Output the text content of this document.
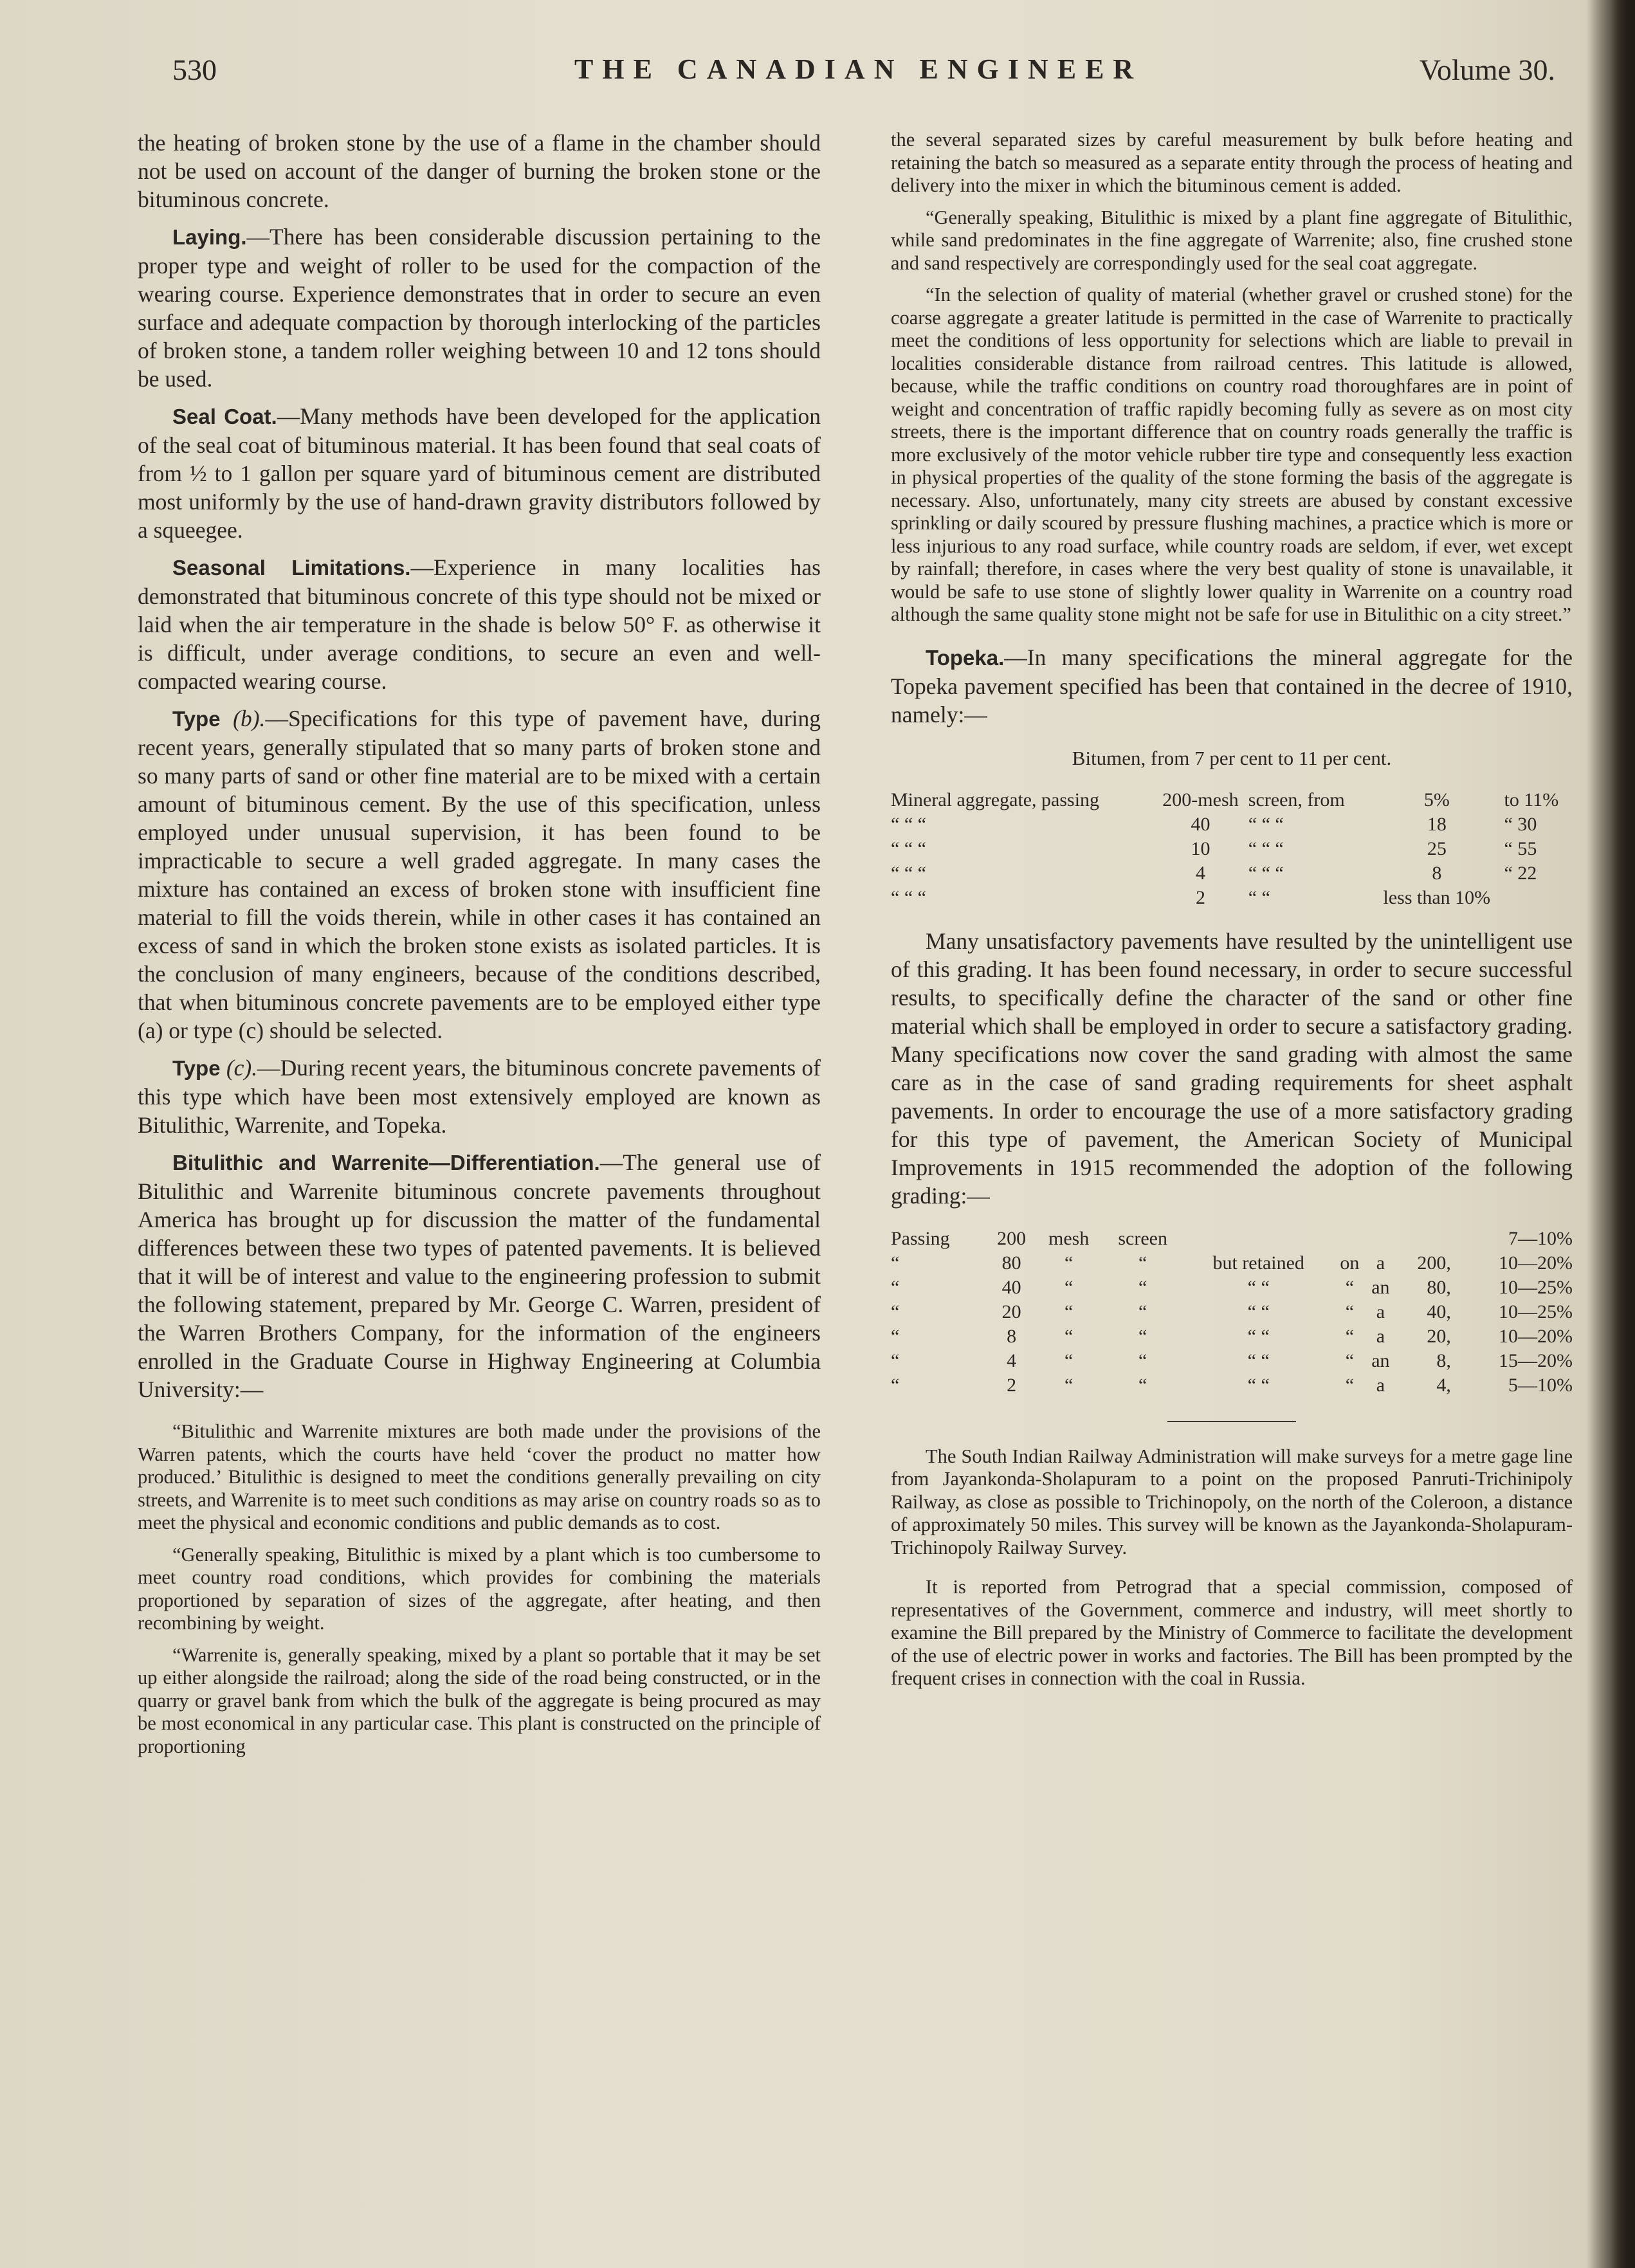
530	THE CANADIAN ENGINEER	Volume 30.

the heating of broken stone by the use of a flame in the chamber should not be used on account of the danger of burning the broken stone or the bituminous concrete.

Laying.—There has been considerable discussion pertaining to the proper type and weight of roller to be used for the compaction of the wearing course. Experience demonstrates that in order to secure an even surface and adequate compaction by thorough interlocking of the particles of broken stone, a tandem roller weighing between 10 and 12 tons should be used.

Seal Coat.—Many methods have been developed for the application of the seal coat of bituminous material. It has been found that seal coats of from ½ to 1 gallon per square yard of bituminous cement are distributed most uniformly by the use of hand-drawn gravity distributors followed by a squeegee.

Seasonal Limitations.—Experience in many localities has demonstrated that bituminous concrete of this type should not be mixed or laid when the air temperature in the shade is below 50° F. as otherwise it is difficult, under average conditions, to secure an even and well-compacted wearing course.

Type (b).—Specifications for this type of pavement have, during recent years, generally stipulated that so many parts of broken stone and so many parts of sand or other fine material are to be mixed with a certain amount of bituminous cement. By the use of this specification, unless employed under unusual supervision, it has been found to be impracticable to secure a well graded aggregate. In many cases the mixture has contained an excess of broken stone with insufficient fine material to fill the voids therein, while in other cases it has contained an excess of sand in which the broken stone exists as isolated particles. It is the conclusion of many engineers, because of the conditions described, that when bituminous concrete pavements are to be employed either type (a) or type (c) should be selected.

Type (c).—During recent years, the bituminous concrete pavements of this type which have been most extensively employed are known as Bitulithic, Warrenite, and Topeka.

Bitulithic and Warrenite—Differentiation.—The general use of Bitulithic and Warrenite bituminous concrete pavements throughout America has brought up for discussion the matter of the fundamental differences between these two types of patented pavements. It is believed that it will be of interest and value to the engineering profession to submit the following statement, prepared by Mr. George C. Warren, president of the Warren Brothers Company, for the information of the engineers enrolled in the Graduate Course in Highway Engineering at Columbia University:—

“Bitulithic and Warrenite mixtures are both made under the provisions of the Warren patents, which the courts have held ‘cover the product no matter how produced.’ Bitulithic is designed to meet the conditions generally prevailing on city streets, and Warrenite is to meet such conditions as may arise on country roads so as to meet the physical and economic conditions and public demands as to cost.

“Generally speaking, Bitulithic is mixed by a plant which is too cumbersome to meet country road conditions, which provides for combining the materials proportioned by separation of sizes of the aggregate, after heating, and then recombining by weight.

“Warrenite is, generally speaking, mixed by a plant so portable that it may be set up either alongside the railroad; along the side of the road being constructed, or in the quarry or gravel bank from which the bulk of the aggregate is being procured as may be most economical in any particular case. This plant is constructed on the principle of proportioning

the several separated sizes by careful measurement by bulk before heating and retaining the batch so measured as a separate entity through the process of heating and delivery into the mixer in which the bituminous cement is added.

“Generally speaking, Bitulithic is mixed by a plant fine aggregate of Bitulithic, while sand predominates in the fine aggregate of Warrenite; also, fine crushed stone and sand respectively are correspondingly used for the seal coat aggregate.

“In the selection of quality of material (whether gravel or crushed stone) for the coarse aggregate a greater latitude is permitted in the case of Warrenite to practically meet the conditions of less opportunity for selections which are liable to prevail in localities considerable distance from railroad centres. This latitude is allowed, because, while the traffic conditions on country road thoroughfares are in point of weight and concentration of traffic rapidly becoming fully as severe as on most city streets, there is the important difference that on country roads generally the traffic is more exclusively of the motor vehicle rubber tire type and consequently less exaction in physical properties of the quality of the stone forming the basis of the aggregate is necessary. Also, unfortunately, many city streets are abused by constant excessive sprinkling or daily scoured by pressure flushing machines, a practice which is more or less injurious to any road surface, while country roads are seldom, if ever, wet except by rainfall; therefore, in cases where the very best quality of stone is unavailable, it would be safe to use stone of slightly lower quality in Warrenite on a country road although the same quality stone might not be safe for use in Bitulithic on a city street.”

Topeka.—In many specifications the mineral aggregate for the Topeka pavement specified has been that contained in the decree of 1910, namely:—

Bitumen, from 7 per cent to 11 per cent.
Mineral aggregate, passing	200-mesh	screen, from	5%	to 11%
“ “ “	40	“ “ “	18	“ 30
“ “ “	10	“ “ “	25	“ 55
“ “ “	4	“ “ “	8	“ 22
“ “ “	2	“ “	less than 10%	

Many unsatisfactory pavements have resulted by the unintelligent use of this grading. It has been found necessary, in order to secure successful results, to specifically define the character of the sand or other fine material which shall be employed in order to secure a satisfactory grading. Many specifications now cover the sand grading with almost the same care as in the case of sand grading requirements for sheet asphalt pavements. In order to encourage the use of a more satisfactory grading for this type of pavement, the American Society of Municipal Improvements in 1915 recommended the adoption of the following grading:—

Passing	200	mesh	screen					7—10%
“	80	“	“	but retained	on	a	200,	10—20%
“	40	“	“	“ “	“	an	80,	10—25%
“	20	“	“	“ “	“	a	40,	10—25%
“	8	“	“	“ “	“	a	20,	10—20%
“	4	“	“	“ “	“	an	8,	15—20%
“	2	“	“	“ “	“	a	4,	5—10%

The South Indian Railway Administration will make surveys for a metre gage line from Jayankonda-Sholapuram to a point on the proposed Panruti-Trichinipoly Railway, as close as possible to Trichinopoly, on the north of the Coleroon, a distance of approximately 50 miles. This survey will be known as the Jayankonda-Sholapuram-Trichinopoly Railway Survey.

It is reported from Petrograd that a special commission, composed of representatives of the Government, commerce and industry, will meet shortly to examine the Bill prepared by the Ministry of Commerce to facilitate the development of the use of electric power in works and factories. The Bill has been prompted by the frequent crises in connection with the coal in Russia.
